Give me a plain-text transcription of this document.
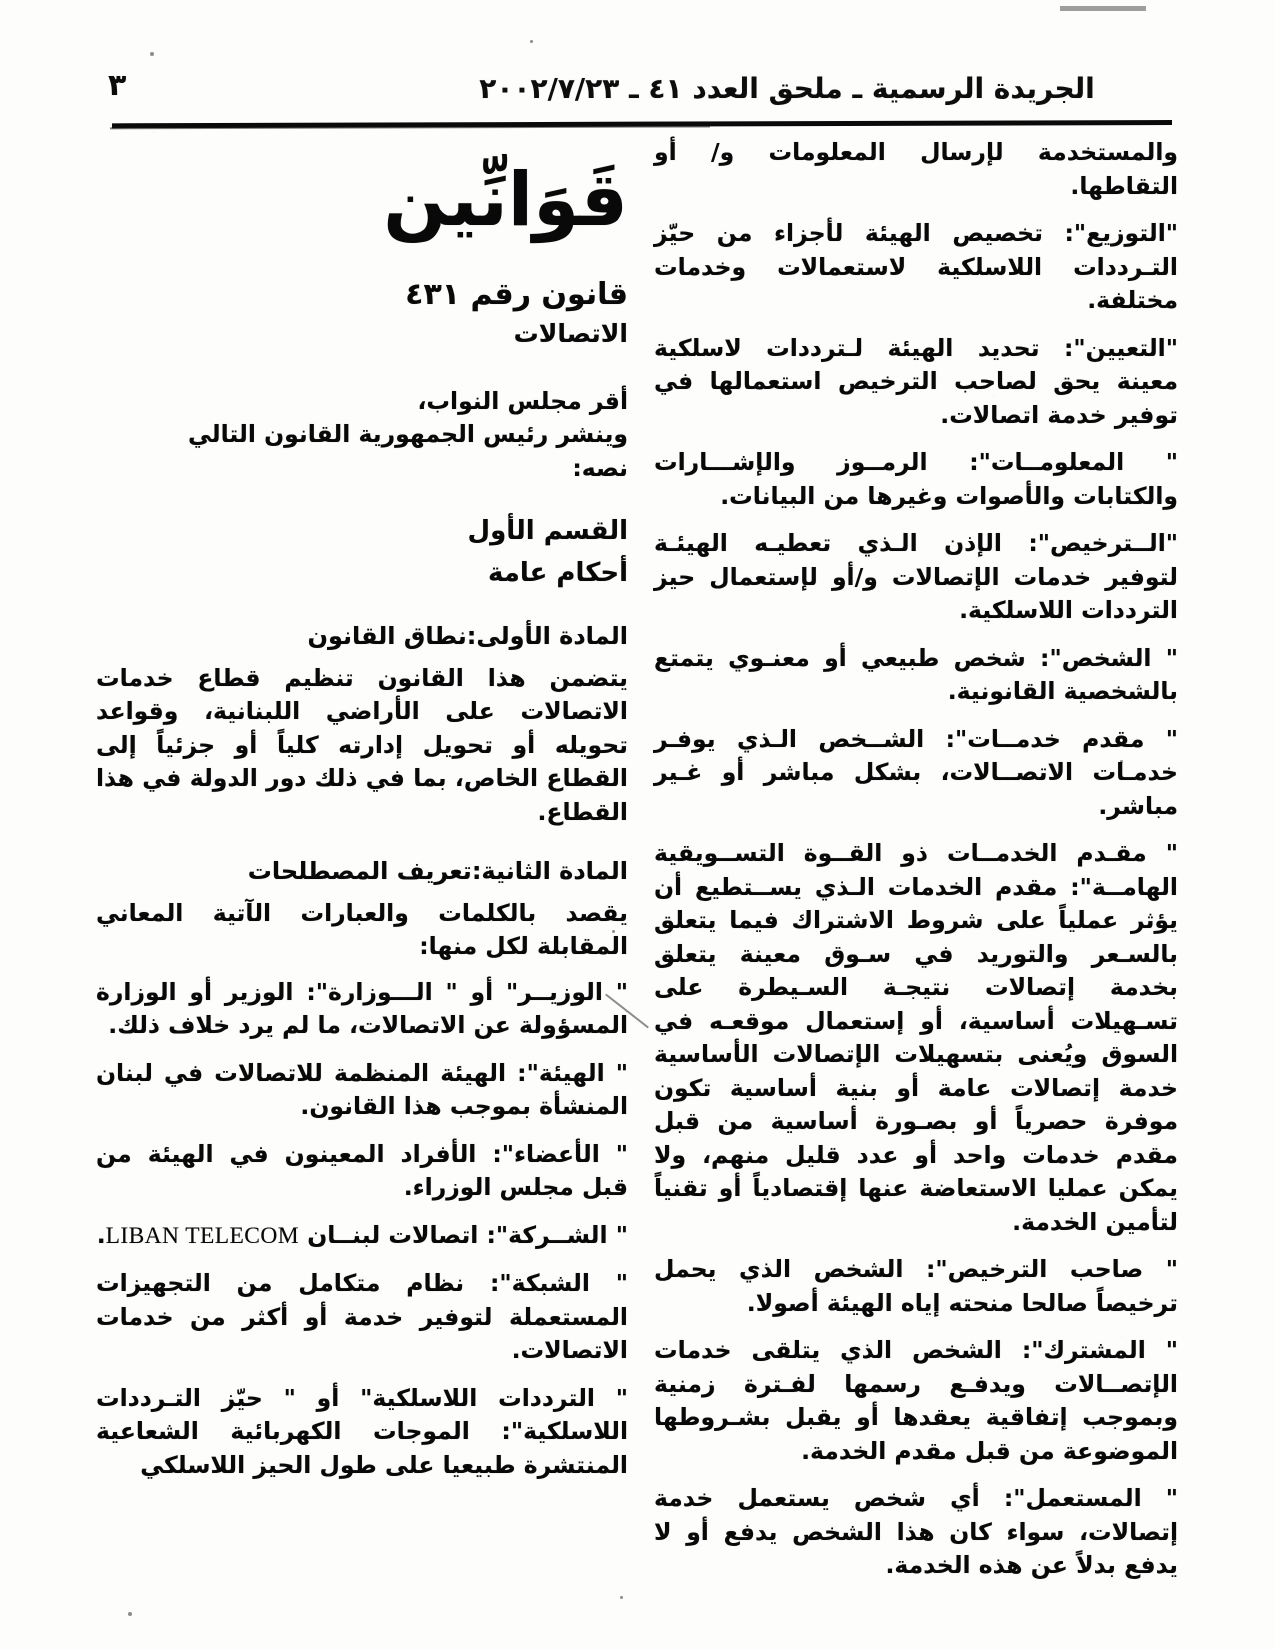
٣	الجريدة الرسمية ـ ملحق العدد ٤١ ـ ٢٠٠٢/٧/٢٣
قَوَانِّين
قانون رقم ٤٣١
الاتصالات

أقر مجلس النواب،

وينشر رئيس الجمهورية القانون التالي

نصه:

القسم الأول
أحكام عامة
المادة الأولى:نطاق القانون

يتضمن هذا القانون تنظيم قطاع خدمات الاتصالات على الأراضي اللبنانية، وقواعد تحويله أو تحويل إدارته كلياً أو جزئياً إلى القطاع الخاص، بما في ذلك دور الدولة في هذا القطاع.

المادة الثانية:تعريف المصطلحات

يقصد بالكلمات والعبارات الآتية المعاني المقابلة لكل منها:

" الوزيــر" أو " الـــوزارة": الوزير أو الوزارة المسؤولة عن الاتصالات، ما لم يرد خلاف ذلك.

" الهيئة": الهيئة المنظمة للاتصالات في لبنان المنشأة بموجب هذا القانون.

" الأعضاء": الأفراد المعينون في الهيئة من قبل مجلس الوزراء.

" الشــركة": اتصالات لبنــان LIBAN TELECOM.

" الشبكة": نظام متكامل من التجهيزات المستعملة لتوفير خدمة أو أكثر من خدمات الاتصالات.

" الترددات اللاسلكية" أو " حيّز التـرددات اللاسلكية": الموجات الكهربائية الشعاعية المنتشرة طبيعيا على طول الحيز اللاسلكي

والمستخدمة لإرسال المعلومات و/ أو التقاطها.

"التوزيع": تخصيص الهيئة لأجزاء من حيّز التـرددات اللاسلكية لاستعمالات وخدمات مختلفة.

"التعيين": تحديد الهيئة لـترددات لاسلكية معينة يحق لصاحب الترخيص استعمالها في توفير خدمة اتصالات.

" المعلومــات": الرمــوز والإشـــارات والكتابات والأصوات وغيرها من البيانات.

"الــترخيص": الإذن الـذي تعطيـه الهيئـة لتوفير خدمات الإتصالات و/أو لإستعمال حيز الترددات اللاسلكية.

" الشخص": شخص طبيعي أو معنـوي يتمتع بالشخصية القانونية.

" مقدم خدمــات": الشــخص الـذي يوفـر خدمـات الاتصــالات، بشكل مباشر أو غـير مباشر.

" مقـدم الخدمــات ذو القــوة التســويقية الهامــة": مقدم الخدمات الـذي يســتطيع أن يؤثر عملياً على شروط الاشتراك فيما يتعلق بالسـعر والتوريد في سـوق معينة يتعلق بخدمة إتصالات نتيجـة السـيطرة على تسـهيلات أساسية، أو إستعمال موقعـه في السوق ويُعنى بتسهيلات الإتصالات الأساسية خدمة إتصالات عامة أو بنية أساسية تكون موفرة حصرياً أو بصـورة أساسية من قبل مقدم خدمات واحد أو عدد قليل منهم، ولا يمكن عمليا الاستعاضة عنها إقتصادياً أو تقنياً لتأمين الخدمة.

" صاحب الترخيص": الشخص الذي يحمل ترخيصاً صالحا منحته إياه الهيئة أصولا.

" المشترك": الشخص الذي يتلقى خدمات الإتصــالات ويدفـع رسمها لفـترة زمنية وبموجب إتفاقية يعقدها أو يقبل بشـروطها الموضوعة من قبل مقدم الخدمة.

" المستعمل": أي شخص يستعمل خدمة إتصالات، سواء كان هذا الشخص يدفع أو لا يدفع بدلاً عن هذه الخدمة.
